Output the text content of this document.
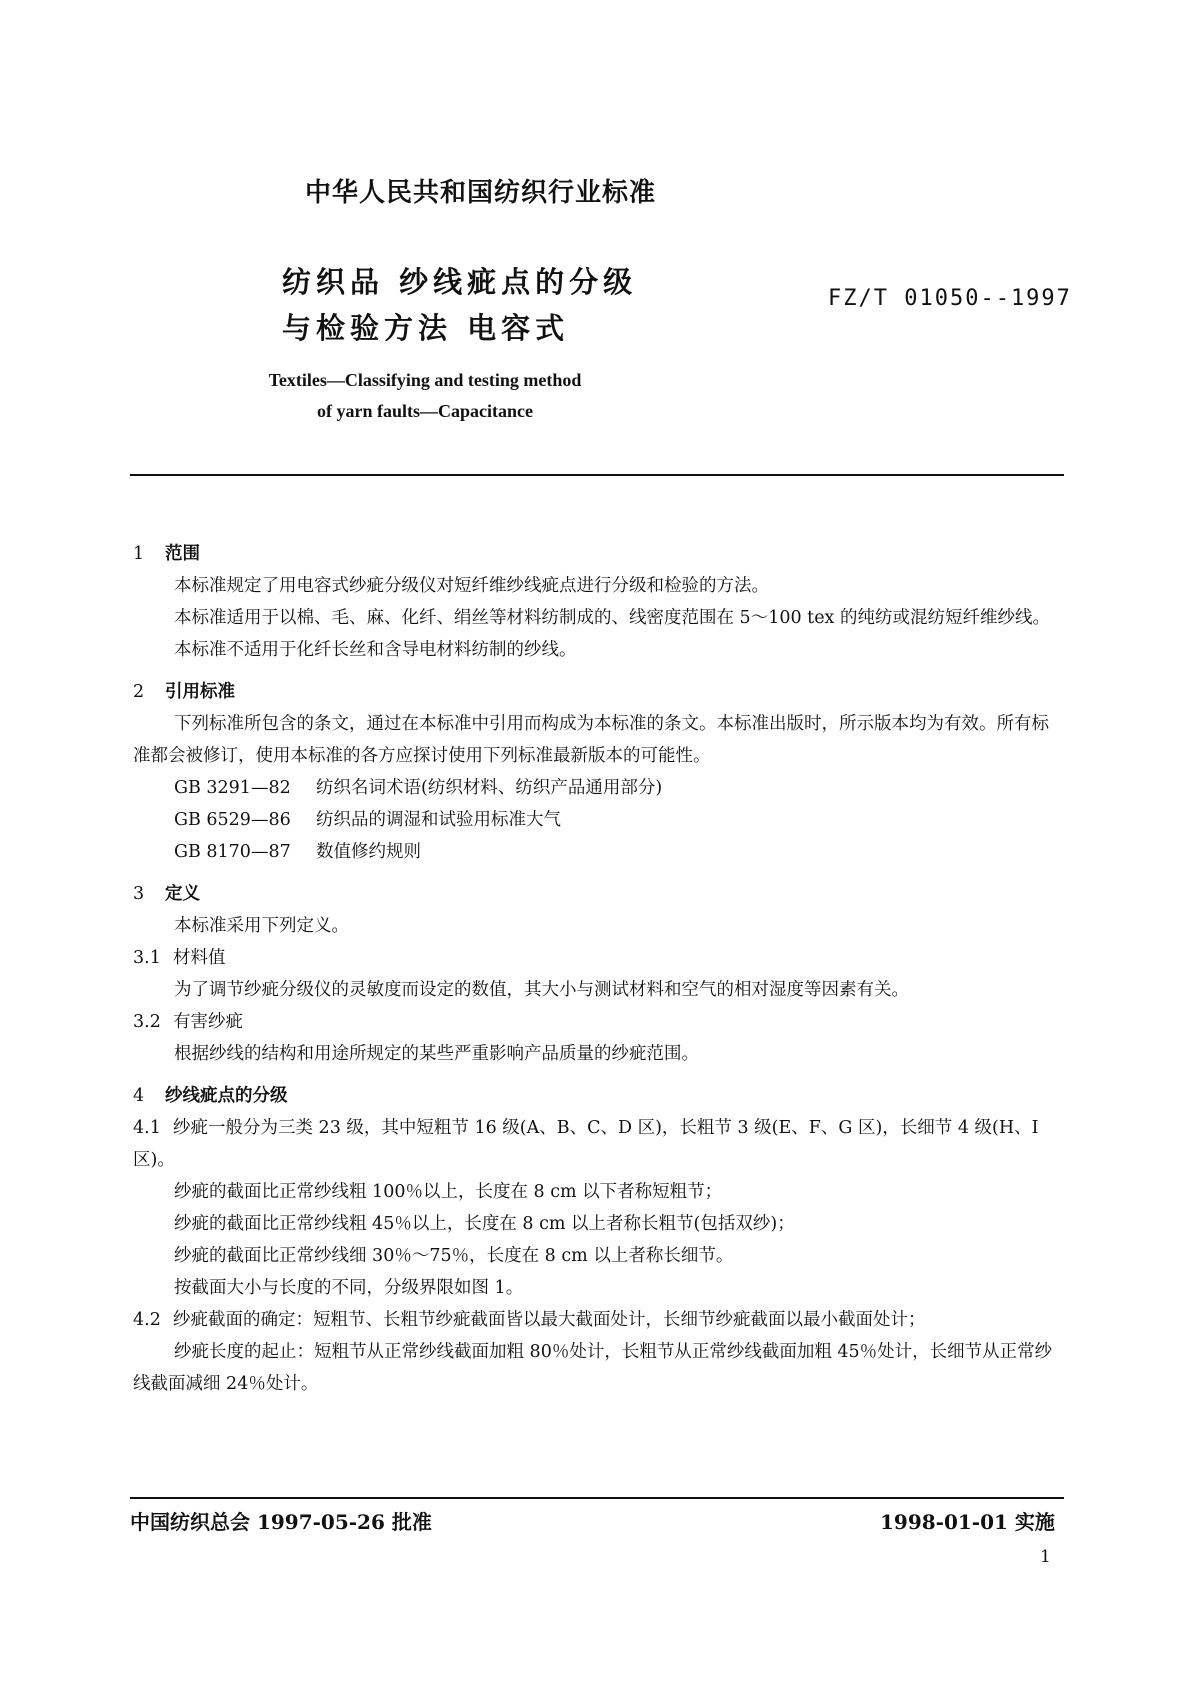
中华人民共和国纺织行业标准
纺织品 纱线疵点的分级
与检验方法 电容式
FZ/T 01050--1997
Textiles—Classifying and testing method
of yarn faults—Capacitance
1 范围

本标准规定了用电容式纱疵分级仪对短纤维纱线疵点进行分级和检验的方法。

本标准适用于以棉、毛、麻、化纤、绢丝等材料纺制成的、线密度范围在 5～100 tex 的纯纺或混纺短纤维纱线。

本标准不适用于化纤长丝和含导电材料纺制的纱线。

2 引用标准

下列标准所包含的条文，通过在本标准中引用而构成为本标准的条文。本标准出版时，所示版本均为有效。所有标准都会被修订，使用本标准的各方应探讨使用下列标准最新版本的可能性。

GB 3291—82 纺织名词术语(纺织材料、纺织产品通用部分)
GB 6529—86 纺织品的调湿和试验用标准大气
GB 8170—87 数值修约规则
3 定义

本标准采用下列定义。

3.1 材料值
为了调节纱疵分级仪的灵敏度而设定的数值，其大小与测试材料和空气的相对湿度等因素有关。
3.2 有害纱疵
根据纱线的结构和用途所规定的某些严重影响产品质量的纱疵范围。
4 纱线疵点的分级
4.1 纱疵一般分为三类 23 级，其中短粗节 16 级(A、B、C、D 区)，长粗节 3 级(E、F、G 区)，长细节 4 级(H、I 区)。
纱疵的截面比正常纱线粗 100％以上，长度在 8 cm 以下者称短粗节；
纱疵的截面比正常纱线粗 45％以上，长度在 8 cm 以上者称长粗节(包括双纱)；
纱疵的截面比正常纱线细 30％～75％，长度在 8 cm 以上者称长细节。
按截面大小与长度的不同，分级界限如图 1。
4.2 纱疵截面的确定：短粗节、长粗节纱疵截面皆以最大截面处计，长细节纱疵截面以最小截面处计；

纱疵长度的起止：短粗节从正常纱线截面加粗 80％处计，长粗节从正常纱线截面加粗 45％处计，长细节从正常纱线截面减细 24％处计。

中国纺织总会 1997-05-26 批准	1998-01-01 实施
1
